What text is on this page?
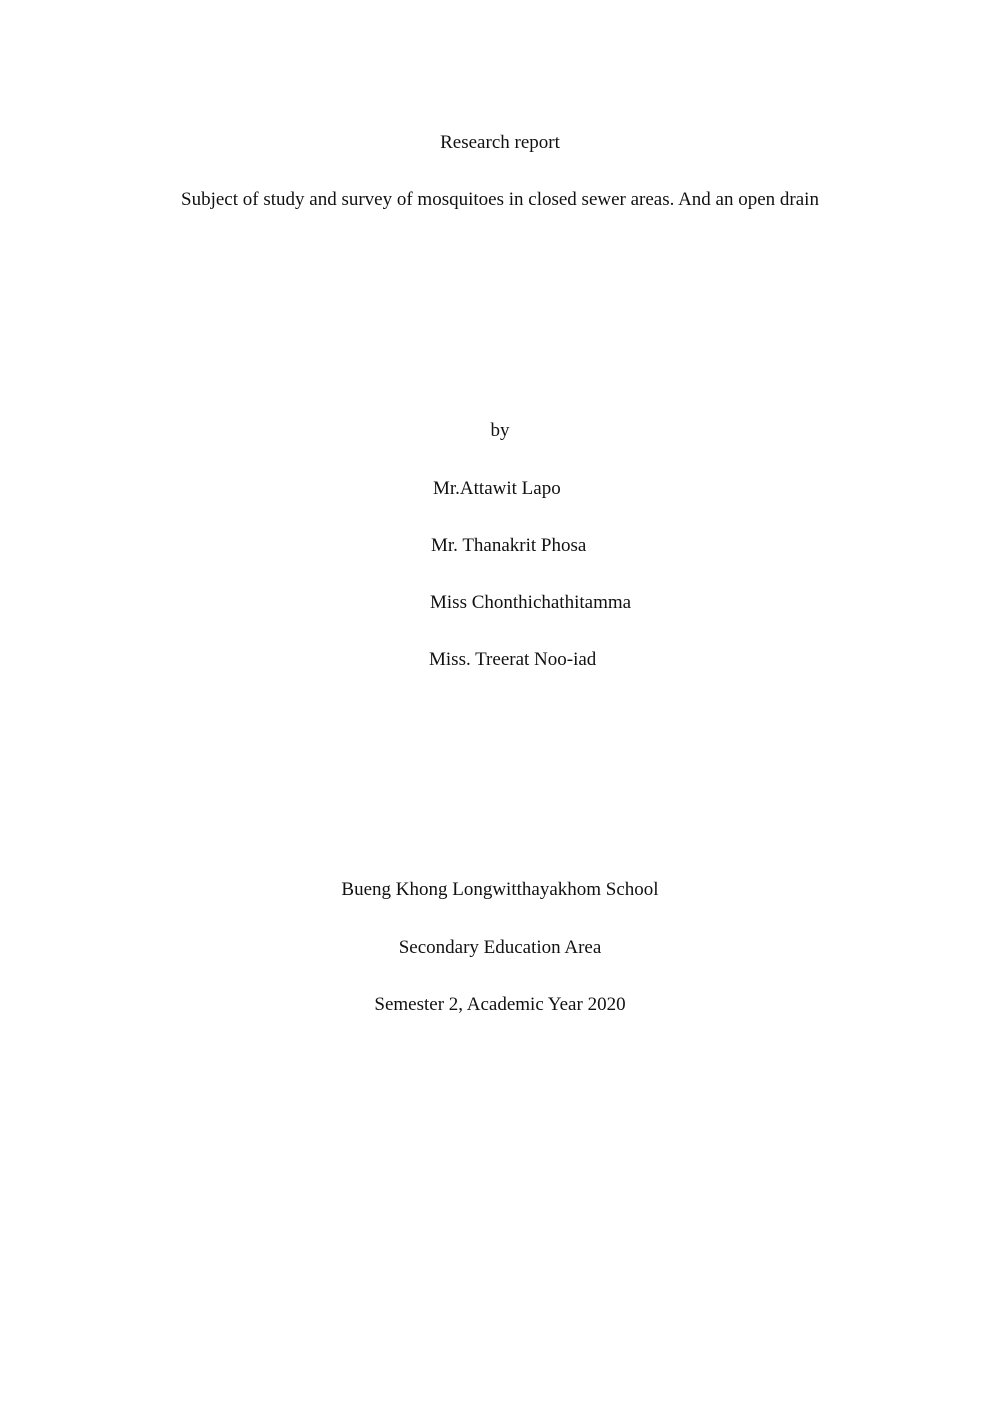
Research report
Subject of study and survey of mosquitoes in closed sewer areas. And an open drain
by
Mr.Attawit Lapo
Mr. Thanakrit Phosa
Miss Chonthichathitamma
Miss. Treerat Noo-iad
Bueng Khong Longwitthayakhom School
Secondary Education Area
Semester 2, Academic Year 2020
